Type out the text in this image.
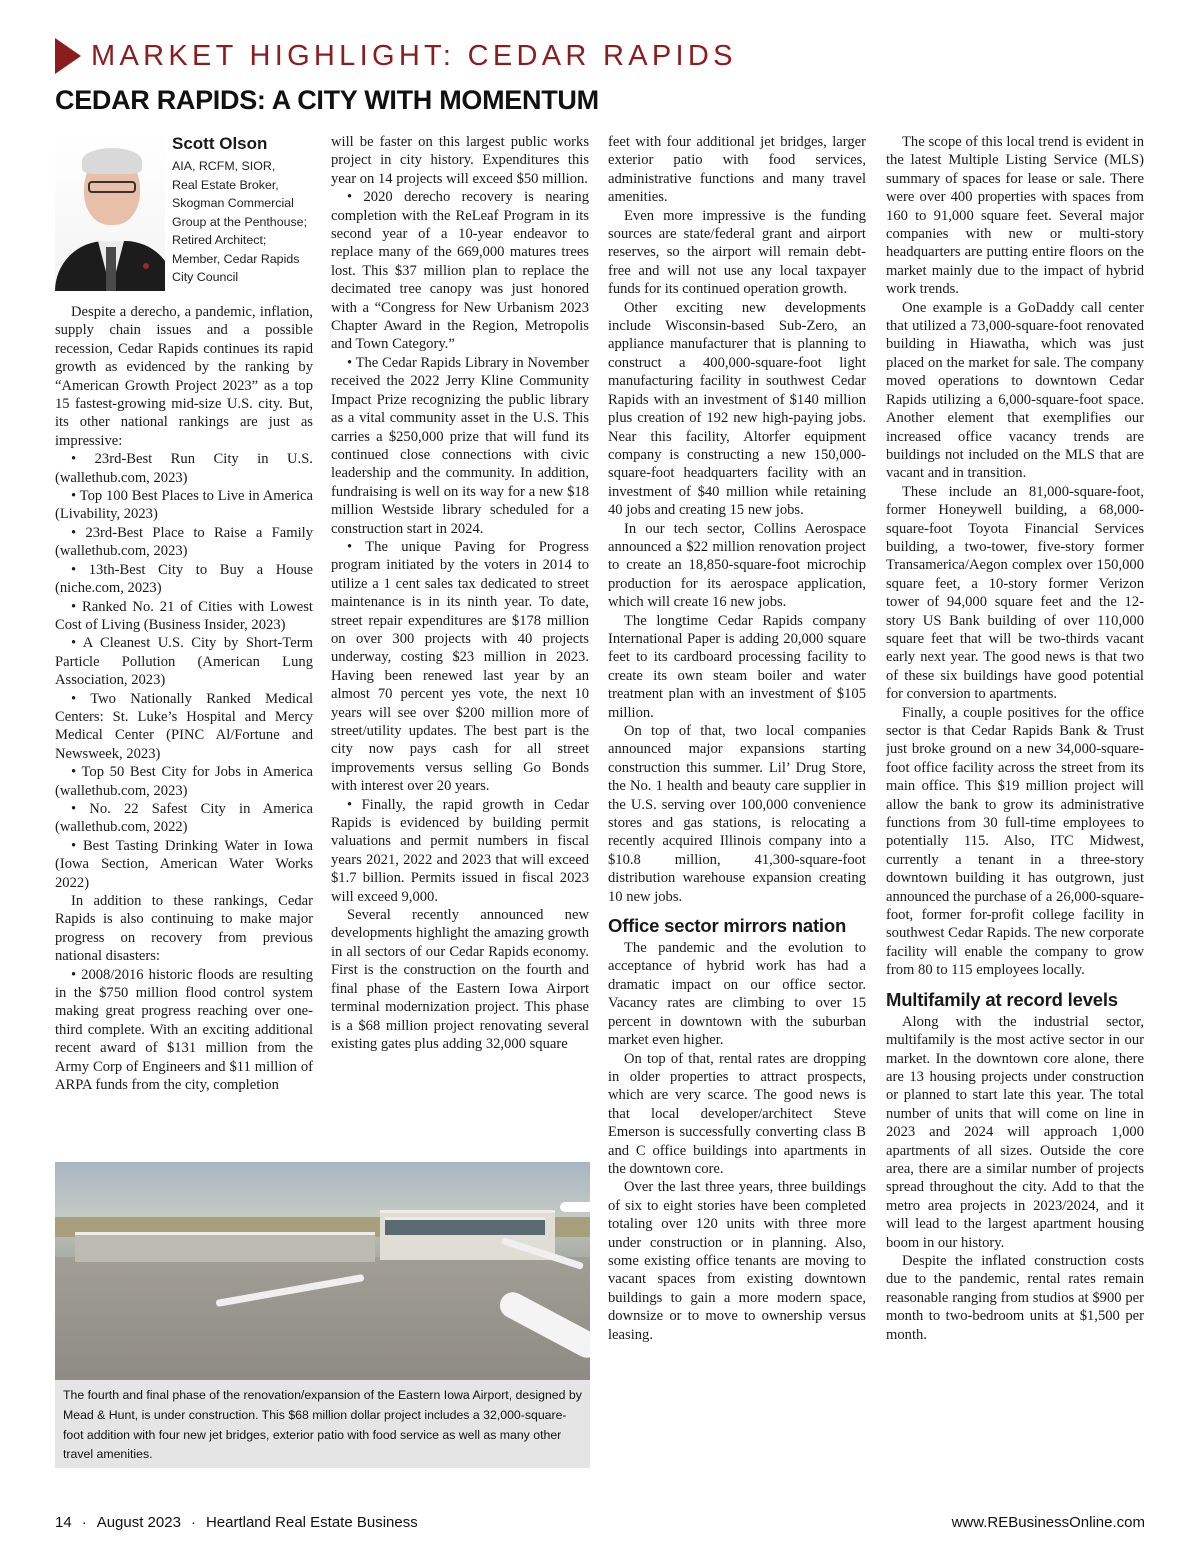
MARKET HIGHLIGHT: CEDAR RAPIDS
CEDAR RAPIDS: A CITY WITH MOMENTUM
Scott Olson
AIA, RCFM, SIOR,
Real Estate Broker,
Skogman Commercial
Group at the Penthouse;
Retired Architect;
Member, Cedar Rapids
City Council

Despite a derecho, a pandemic, inflation, supply chain issues and a possible recession, Cedar Rapids continues its rapid growth as evidenced by the ranking by “American Growth Project 2023” as a top 15 fastest-growing mid-size U.S. city. But, its other national rankings are just as impressive:

• 23rd-Best Run City in U.S. (wallethub.com, 2023)

• Top 100 Best Places to Live in America (Livability, 2023)

• 23rd-Best Place to Raise a Family (wallethub.com, 2023)

• 13th-Best City to Buy a House (niche.com, 2023)

• Ranked No. 21 of Cities with Lowest Cost of Living (Business Insider, 2023)

• A Cleanest U.S. City by Short-Term Particle Pollution (American Lung Association, 2023)

• Two Nationally Ranked Medical Centers: St. Luke’s Hospital and Mercy Medical Center (PINC Al/Fortune and Newsweek, 2023)

• Top 50 Best City for Jobs in America (wallethub.com, 2023)

• No. 22 Safest City in America (wallethub.com, 2022)

• Best Tasting Drinking Water in Iowa (Iowa Section, American Water Works 2022)

In addition to these rankings, Cedar Rapids is also continuing to make major progress on recovery from previous national disasters:

• 2008/2016 historic floods are resulting in the $750 million flood control system making great progress reaching over one-third complete. With an exciting additional recent award of $131 million from the Army Corp of Engineers and $11 million of ARPA funds from the city, completion

will be faster on this largest public works project in city history. Expenditures this year on 14 projects will exceed $50 million.

• 2020 derecho recovery is nearing completion with the ReLeaf Program in its second year of a 10-year endeavor to replace many of the 669,000 matures trees lost. This $37 million plan to replace the decimated tree canopy was just honored with a “Congress for New Urbanism 2023 Chapter Award in the Region, Metropolis and Town Category.”

• The Cedar Rapids Library in November received the 2022 Jerry Kline Community Impact Prize recognizing the public library as a vital community asset in the U.S. This carries a $250,000 prize that will fund its continued close connections with civic leadership and the community. In addition, fundraising is well on its way for a new $18 million Westside library scheduled for a construction start in 2024.

• The unique Paving for Progress program initiated by the voters in 2014 to utilize a 1 cent sales tax dedicated to street maintenance is in its ninth year. To date, street repair expenditures are $178 million on over 300 projects with 40 projects underway, costing $23 million in 2023. Having been renewed last year by an almost 70 percent yes vote, the next 10 years will see over $200 million more of street/utility updates. The best part is the city now pays cash for all street improvements versus selling Go Bonds with interest over 20 years.

• Finally, the rapid growth in Cedar Rapids is evidenced by building permit valuations and permit numbers in fiscal years 2021, 2022 and 2023 that will exceed $1.7 billion. Permits issued in fiscal 2023 will exceed 9,000.

Several recently announced new developments highlight the amazing growth in all sectors of our Cedar Rapids economy. First is the construction on the fourth and final phase of the Eastern Iowa Airport terminal modernization project. This phase is a $68 million project renovating several existing gates plus adding 32,000 square

feet with four additional jet bridges, larger exterior patio with food services, administrative functions and many travel amenities.

Even more impressive is the funding sources are state/federal grant and airport reserves, so the airport will remain debt-free and will not use any local taxpayer funds for its continued operation growth.

Other exciting new developments include Wisconsin-based Sub-Zero, an appliance manufacturer that is planning to construct a 400,000-square-foot light manufacturing facility in southwest Cedar Rapids with an investment of $140 million plus creation of 192 new high-paying jobs. Near this facility, Altorfer equipment company is constructing a new 150,000-square-foot headquarters facility with an investment of $40 million while retaining 40 jobs and creating 15 new jobs.

In our tech sector, Collins Aerospace announced a $22 million renovation project to create an 18,850-square-foot microchip production for its aerospace application, which will create 16 new jobs.

The longtime Cedar Rapids company International Paper is adding 20,000 square feet to its cardboard processing facility to create its own steam boiler and water treatment plan with an investment of $105 million.

On top of that, two local companies announced major expansions starting construction this summer. Lil’ Drug Store, the No. 1 health and beauty care supplier in the U.S. serving over 100,000 convenience stores and gas stations, is relocating a recently acquired Illinois company into a $10.8 million, 41,300-square-foot distribution warehouse expansion creating 10 new jobs.

Office sector mirrors nation

The pandemic and the evolution to acceptance of hybrid work has had a dramatic impact on our office sector. Vacancy rates are climbing to over 15 percent in downtown with the suburban market even higher.

On top of that, rental rates are dropping in older properties to attract prospects, which are very scarce. The good news is that local developer/architect Steve Emerson is successfully converting class B and C office buildings into apartments in the downtown core.

Over the last three years, three buildings of six to eight stories have been completed totaling over 120 units with three more under construction or in planning. Also, some existing office tenants are moving to vacant spaces from existing downtown buildings to gain a more modern space, downsize or to move to ownership versus leasing.

The scope of this local trend is evident in the latest Multiple Listing Service (MLS) summary of spaces for lease or sale. There were over 400 properties with spaces from 160 to 91,000 square feet. Several major companies with new or multi-story headquarters are putting entire floors on the market mainly due to the impact of hybrid work trends.

One example is a GoDaddy call center that utilized a 73,000-square-foot renovated building in Hiawatha, which was just placed on the market for sale. The company moved operations to downtown Cedar Rapids utilizing a 6,000-square-foot space. Another element that exemplifies our increased office vacancy trends are buildings not included on the MLS that are vacant and in transition.

These include an 81,000-square-foot, former Honeywell building, a 68,000-square-foot Toyota Financial Services building, a two-tower, five-story former Transamerica/Aegon complex over 150,000 square feet, a 10-story former Verizon tower of 94,000 square feet and the 12-story US Bank building of over 110,000 square feet that will be two-thirds vacant early next year. The good news is that two of these six buildings have good potential for conversion to apartments.

Finally, a couple positives for the office sector is that Cedar Rapids Bank & Trust just broke ground on a new 34,000-square-foot office facility across the street from its main office. This $19 million project will allow the bank to grow its administrative functions from 30 full-time employees to potentially 115. Also, ITC Midwest, currently a tenant in a three-story downtown building it has outgrown, just announced the purchase of a 26,000-square-foot, former for-profit college facility in southwest Cedar Rapids. The new corporate facility will enable the company to grow from 80 to 115 employees locally.

Multifamily at record levels

Along with the industrial sector, multifamily is the most active sector in our market. In the downtown core alone, there are 13 housing projects under construction or planned to start late this year. The total number of units that will come on line in 2023 and 2024 will approach 1,000 apartments of all sizes. Outside the core area, there are a similar number of projects spread throughout the city. Add to that the metro area projects in 2023/2024, and it will lead to the largest apartment housing boom in our history.

Despite the inflated construction costs due to the pandemic, rental rates remain reasonable ranging from studios at $900 per month to two-bedroom units at $1,500 per month.

The fourth and final phase of the renovation/expansion of the Eastern Iowa Airport, designed by Mead & Hunt, is under construction. This $68 million dollar project includes a 32,000-square-foot addition with four new jet bridges, exterior patio with food service as well as many other travel amenities.
14 · August 2023 · Heartland Real Estate Business	www.REBusinessOnline.com
